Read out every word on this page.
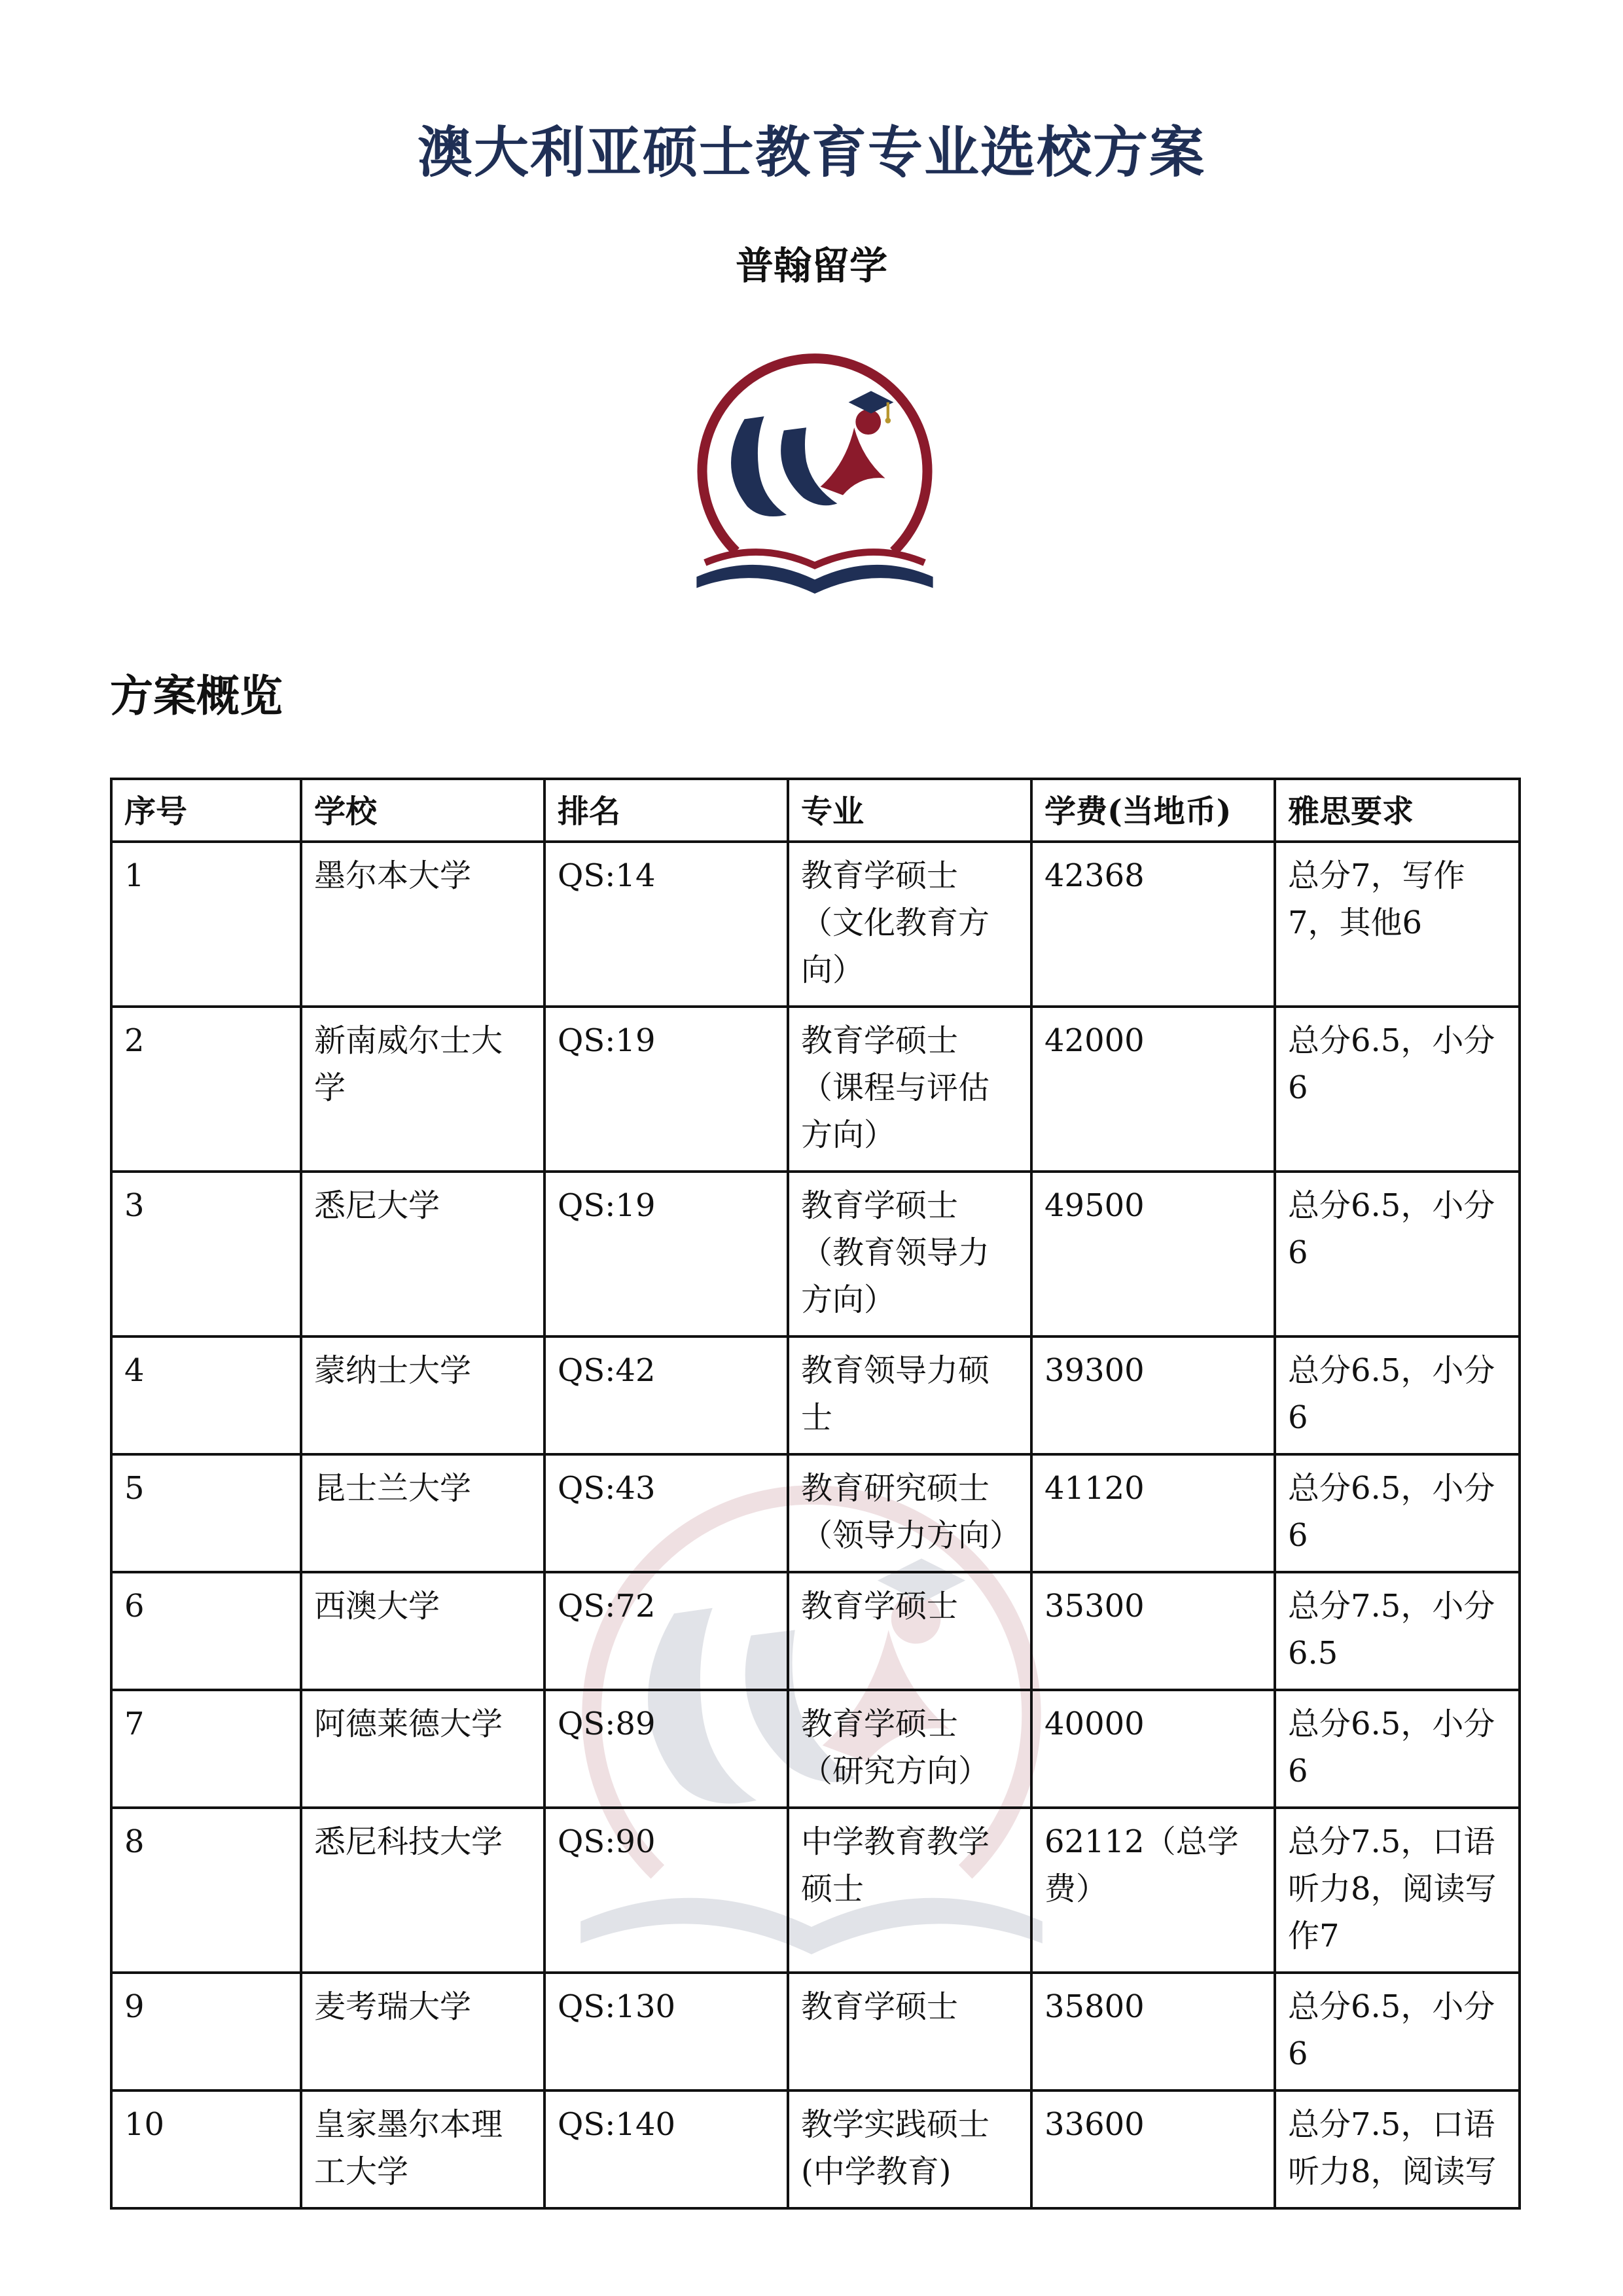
澳大利亚硕士教育专业选校方案
普翰留学
方案概览
序号	学校	排名	专业	学费(当地币)	雅思要求
1	墨尔本大学	QS:14	教育学硕士（文化教育方向）	42368	总分7，写作7，其他6
2	新南威尔士大学	QS:19	教育学硕士（课程与评估方向）	42000	总分6.5，小分6
3	悉尼大学	QS:19	教育学硕士（教育领导力方向）	49500	总分6.5，小分6
4	蒙纳士大学	QS:42	教育领导力硕士	39300	总分6.5，小分6
5	昆士兰大学	QS:43	教育研究硕士（领导力方向）	41120	总分6.5，小分6
6	西澳大学	QS:72	教育学硕士	35300	总分7.5，小分6.5
7	阿德莱德大学	QS:89	教育学硕士（研究方向）	40000	总分6.5，小分6
8	悉尼科技大学	QS:90	中学教育教学硕士	62112（总学费）	总分7.5，口语听力8，阅读写作7
9	麦考瑞大学	QS:130	教育学硕士	35800	总分6.5，小分6
10	皇家墨尔本理工大学	QS:140	教学实践硕士(中学教育)	33600	总分7.5，口语听力8，阅读写
